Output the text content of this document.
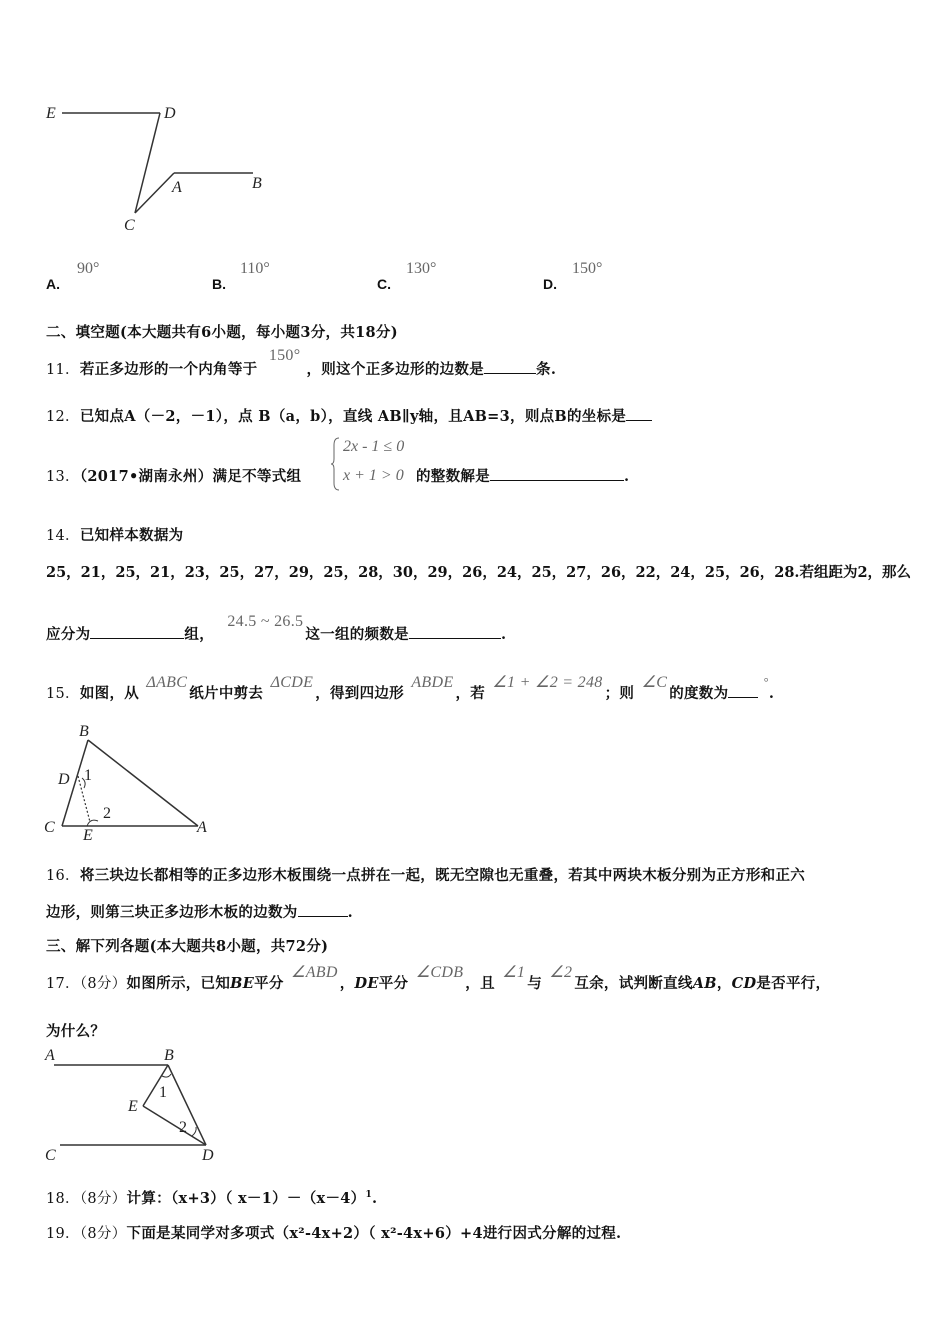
E	D
A	B
C
A.
90°
B.
110°
C.
130°
D.
150°
二、填空题(本大题共有6小题，每小题3分，共18分)
11．若正多边形的一个内角等于 150°，则这个正多边形的边数是	条.
12．已知点A（－2，－1），点 B（a，b），直线 AB∥y轴，且AB=3，则点B的坐标是
13．（2017•湖南永州）满足不等式组
2x - 1 ≤ 0
x + 1 > 0 的整数解是	.
14．已知样本数据为
25，21，25，21，23，25，27，29，25，28，30，29，26，24，25，27，26，22，24，25，26，28.若组距为2，那么
应分为	组， 24.5 ~ 26.5这一组的频数是	.
15．如图，从 ΔABC纸片中剪去 ΔCDE，得到四边形 ABDE，若 ∠1 + ∠2 = 248；则 ∠C的度数为 °.
B
D 1
2
C E	A
16．将三块边长都相等的正多边形木板围绕一点拼在一起，既无空隙也无重叠，若其中两块木板分别为正方形和正六
边形，则第三块正多边形木板的边数为	.
三、解下列各题(本大题共8小题，共72分)
17．（8分）如图所示，已知BE平分 ∠ABD，DE平分 ∠CDB，且 ∠1与 ∠2互余，试判断直线AB，CD是否平行，
为什么？
A	B
E
1
2
C	D
18．（8分）计算：（x+3）（ $x-1)-(x-4)^1$.
19．（8分）下面是某同学对多项式（x²-4x+2）（ x²-4x+6）+4进行因式分解的过程.
